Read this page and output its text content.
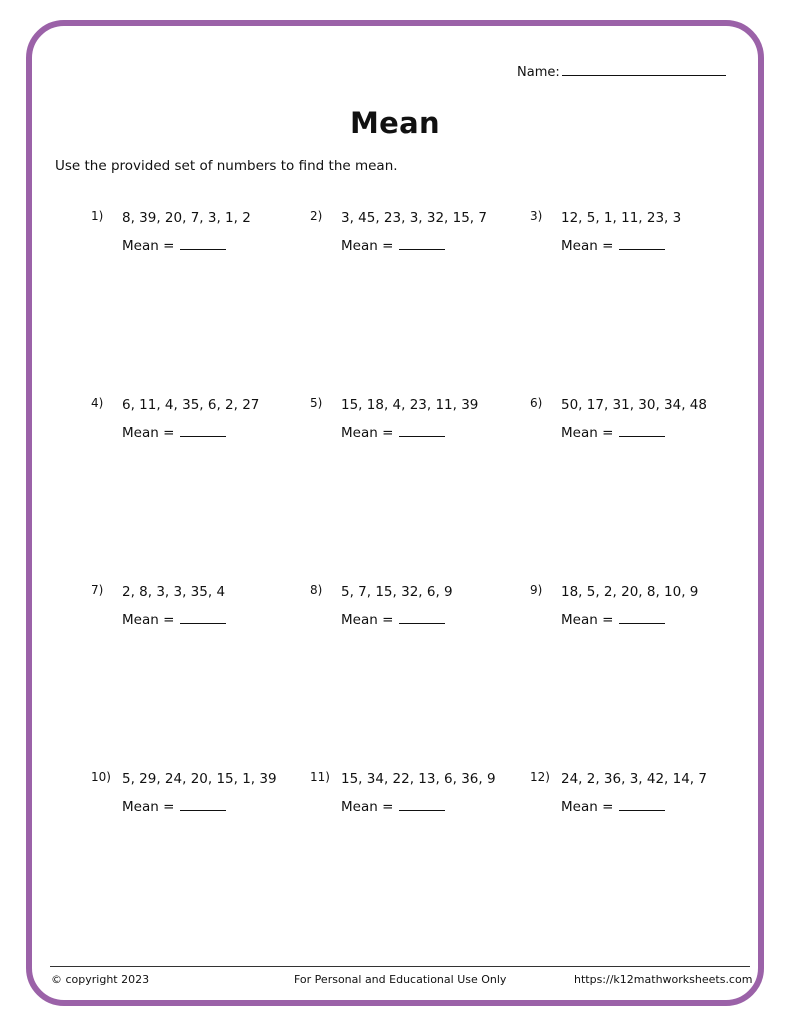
Name:
Mean
Use the provided set of numbers to find the mean.
1) 8, 39, 20, 7, 3, 1, 2
Mean =
2) 3, 45, 23, 3, 32, 15, 7
Mean =
3) 12, 5, 1, 11, 23, 3
Mean =
4) 6, 11, 4, 35, 6, 2, 27
Mean =
5) 15, 18, 4, 23, 11, 39
Mean =
6) 50, 17, 31, 30, 34, 48
Mean =
7) 2, 8, 3, 3, 35, 4
Mean =
8) 5, 7, 15, 32, 6, 9
Mean =
9) 18, 5, 2, 20, 8, 10, 9
Mean =
10) 5, 29, 24, 20, 15, 1, 39
Mean =
11) 15, 34, 22, 13, 6, 36, 9
Mean =
12) 24, 2, 36, 3, 42, 14, 7
Mean =
© copyright 2023	For Personal and Educational Use Only	https://k12mathworksheets.com
